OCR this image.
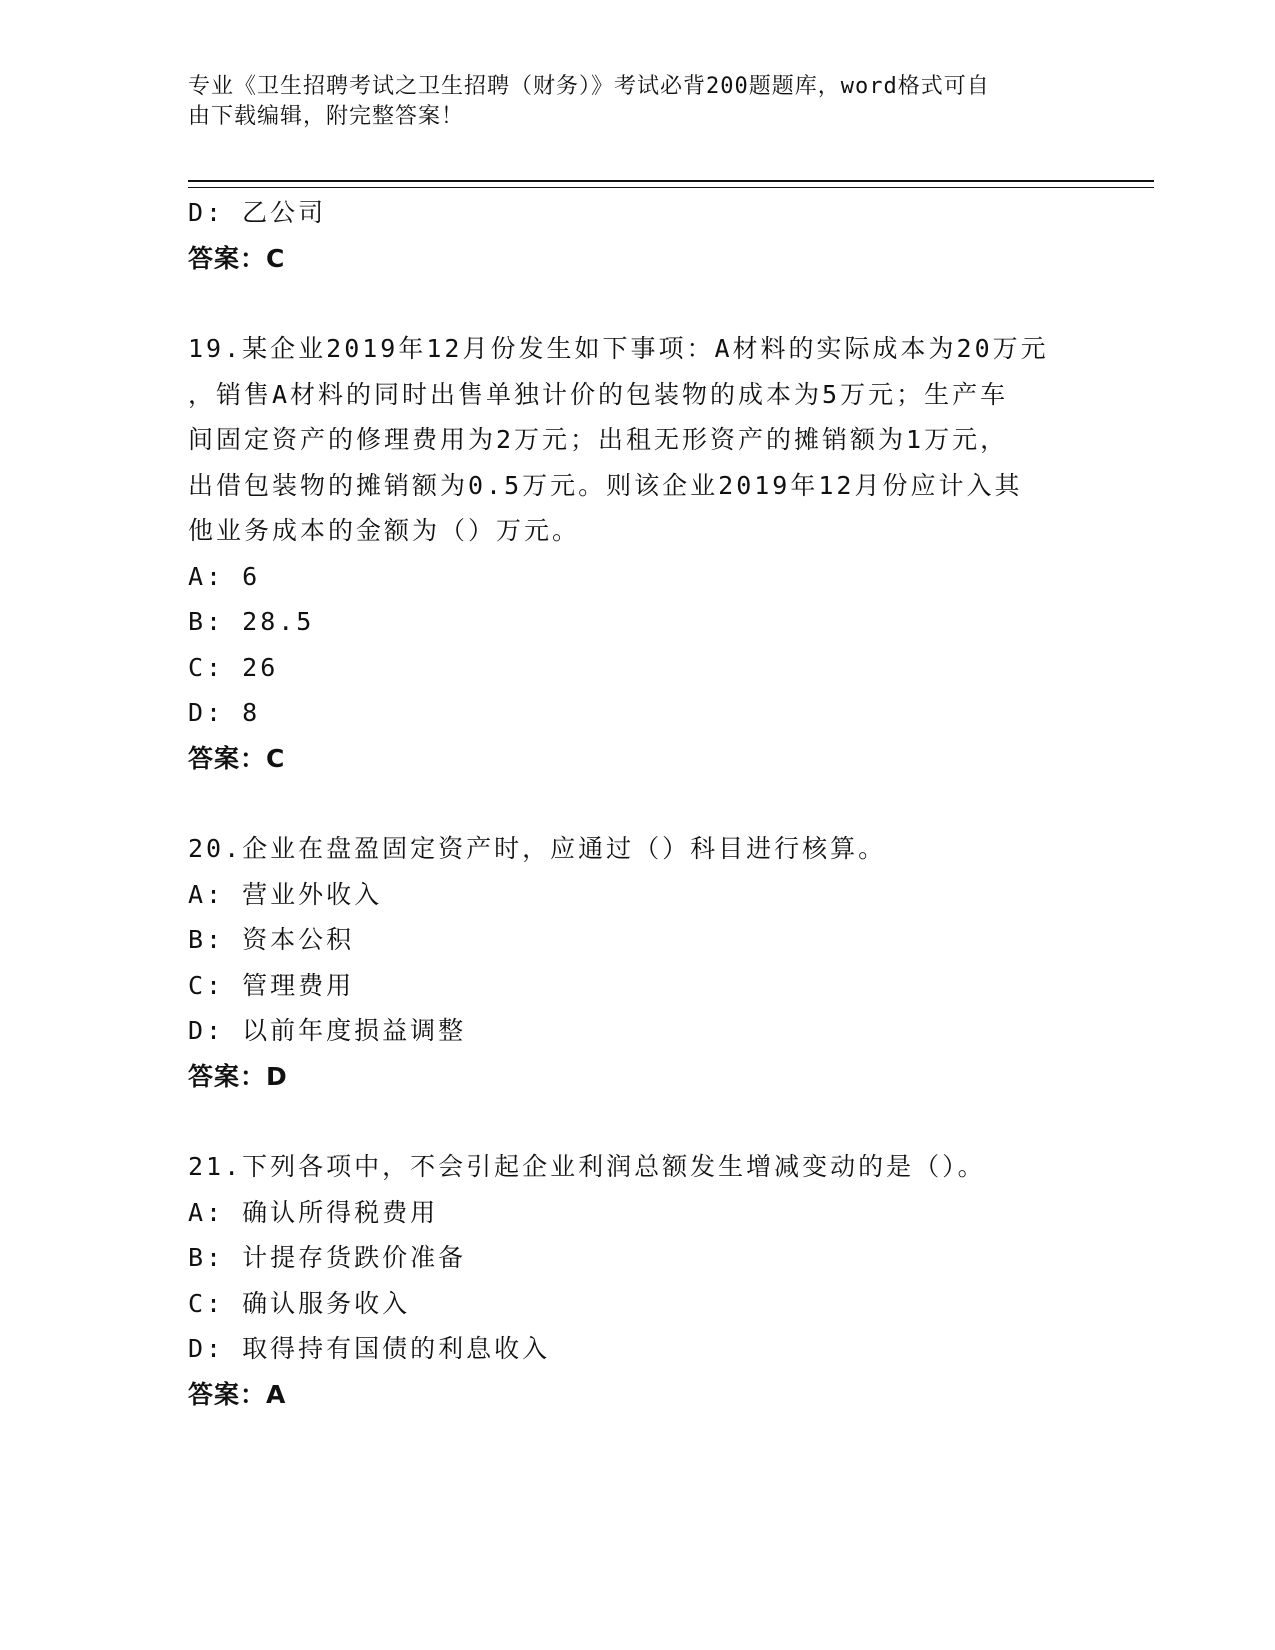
专业《卫生招聘考试之卫生招聘（财务）》考试必背200题题库，word格式可自
由下载编辑，附完整答案！
D: 乙公司
答案：C
19.某企业2019年12月份发生如下事项：A材料的实际成本为20万元
，销售A材料的同时出售单独计价的包装物的成本为5万元；生产车
间固定资产的修理费用为2万元；出租无形资产的摊销额为1万元，
出借包装物的摊销额为0.5万元。则该企业2019年12月份应计入其
他业务成本的金额为（）万元。
A: 6
B: 28.5
C: 26
D: 8
答案：C
20.企业在盘盈固定资产时，应通过（）科目进行核算。
A: 营业外收入
B: 资本公积
C: 管理费用
D: 以前年度损益调整
答案：D
21.下列各项中，不会引起企业利润总额发生增减变动的是（）。
A: 确认所得税费用
B: 计提存货跌价准备
C: 确认服务收入
D: 取得持有国债的利息收入
答案：A
